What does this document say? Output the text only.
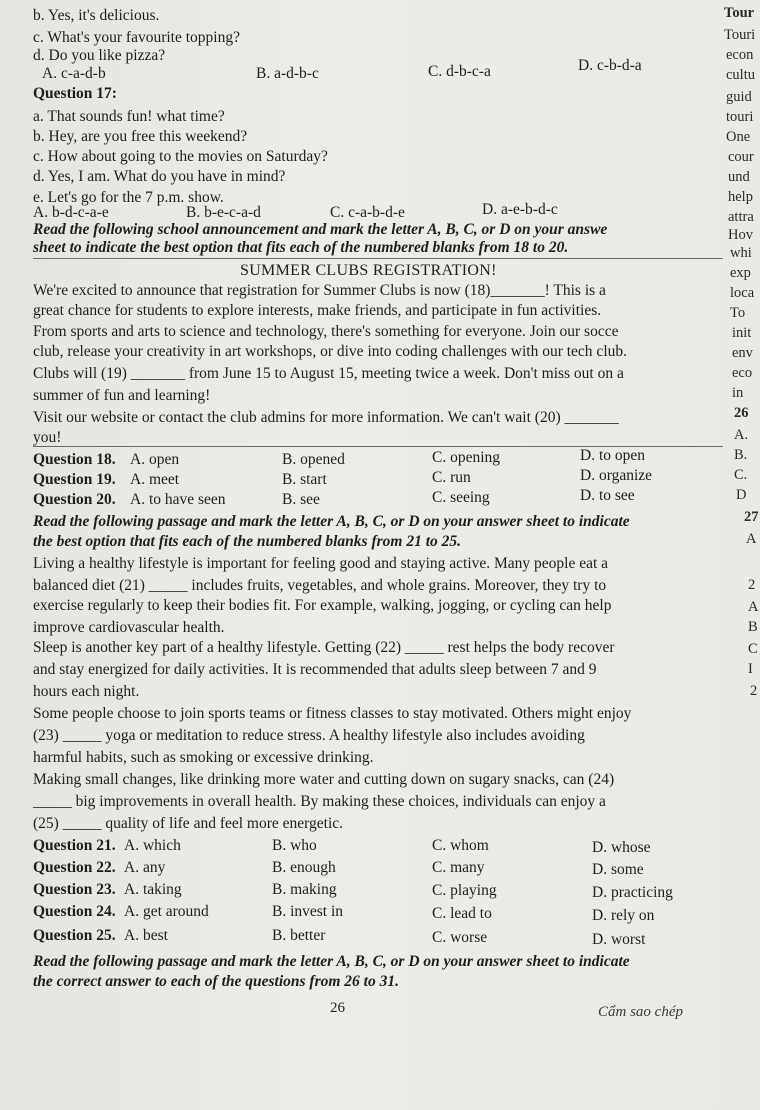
b. Yes, it's delicious.
c. What's your favourite topping?
d. Do you like pizza?
A. c-a-d-b	B. a-d-b-c	C. d-b-c-a	D. c-b-d-a
Question 17:
a. That sounds fun! what time?
b. Hey, are you free this weekend?
c. How about going to the movies on Saturday?
d. Yes, I am. What do you have in mind?
e. Let's go for the 7 p.m. show.
A. b-d-c-a-e	B. b-e-c-a-d	C. c-a-b-d-e	D. a-e-b-d-c
Read the following school announcement and mark the letter A, B, C, or D on your answe
sheet to indicate the best option that fits each of the numbered blanks from 18 to 20.
SUMMER CLUBS REGISTRATION!
We're excited to announce that registration for Summer Clubs is now (18)_______! This is a
great chance for students to explore interests, make friends, and participate in fun activities.
From sports and arts to science and technology, there's something for everyone. Join our socce
club, release your creativity in art workshops, or dive into coding challenges with our tech club.
Clubs will (19) _______ from June 15 to August 15, meeting twice a week. Don't miss out on a
summer of fun and learning!
Visit our website or contact the club admins for more information. We can't wait (20) _______
you!
Question 18. A. open	B. opened	C. opening	D. to open
Question 19. A. meet	B. start	C. run	D. organize
Question 20. A. to have seen	B. see	C. seeing	D. to see
Read the following passage and mark the letter A, B, C, or D on your answer sheet to indicate
the best option that fits each of the numbered blanks from 21 to 25.
Living a healthy lifestyle is important for feeling good and staying active. Many people eat a
balanced diet (21) _____ includes fruits, vegetables, and whole grains. Moreover, they try to
exercise regularly to keep their bodies fit. For example, walking, jogging, or cycling can help
improve cardiovascular health.
Sleep is another key part of a healthy lifestyle. Getting (22) _____ rest helps the body recover
and stay energized for daily activities. It is recommended that adults sleep between 7 and 9
hours each night.
Some people choose to join sports teams or fitness classes to stay motivated. Others might enjoy
(23) _____ yoga or meditation to reduce stress. A healthy lifestyle also includes avoiding
harmful habits, such as smoking or excessive drinking.
Making small changes, like drinking more water and cutting down on sugary snacks, can (24)
_____ big improvements in overall health. By making these choices, individuals can enjoy a
(25) _____ quality of life and feel more energetic.
Question 21. A. which	B. who	C. whom	D. whose
Question 22. A. any	B. enough	C. many	D. some
Question 23. A. taking	B. making	C. playing	D. practicing
Question 24. A. get around	B. invest in	C. lead to	D. rely on
Question 25. A. best	B. better	C. worse	D. worst
Read the following passage and mark the letter A, B, C, or D on your answer sheet to indicate
the correct answer to each of the questions from 26 to 31.
26	Cẩm sao chép
Tour
Touri
econ
cultu
guid
touri
One
cour
und
help
attra
Hov
whi
exp
loca
To
init
env
eco
in
26
A.
B.
C.
D
27
A
2
A
B
C
I
2
